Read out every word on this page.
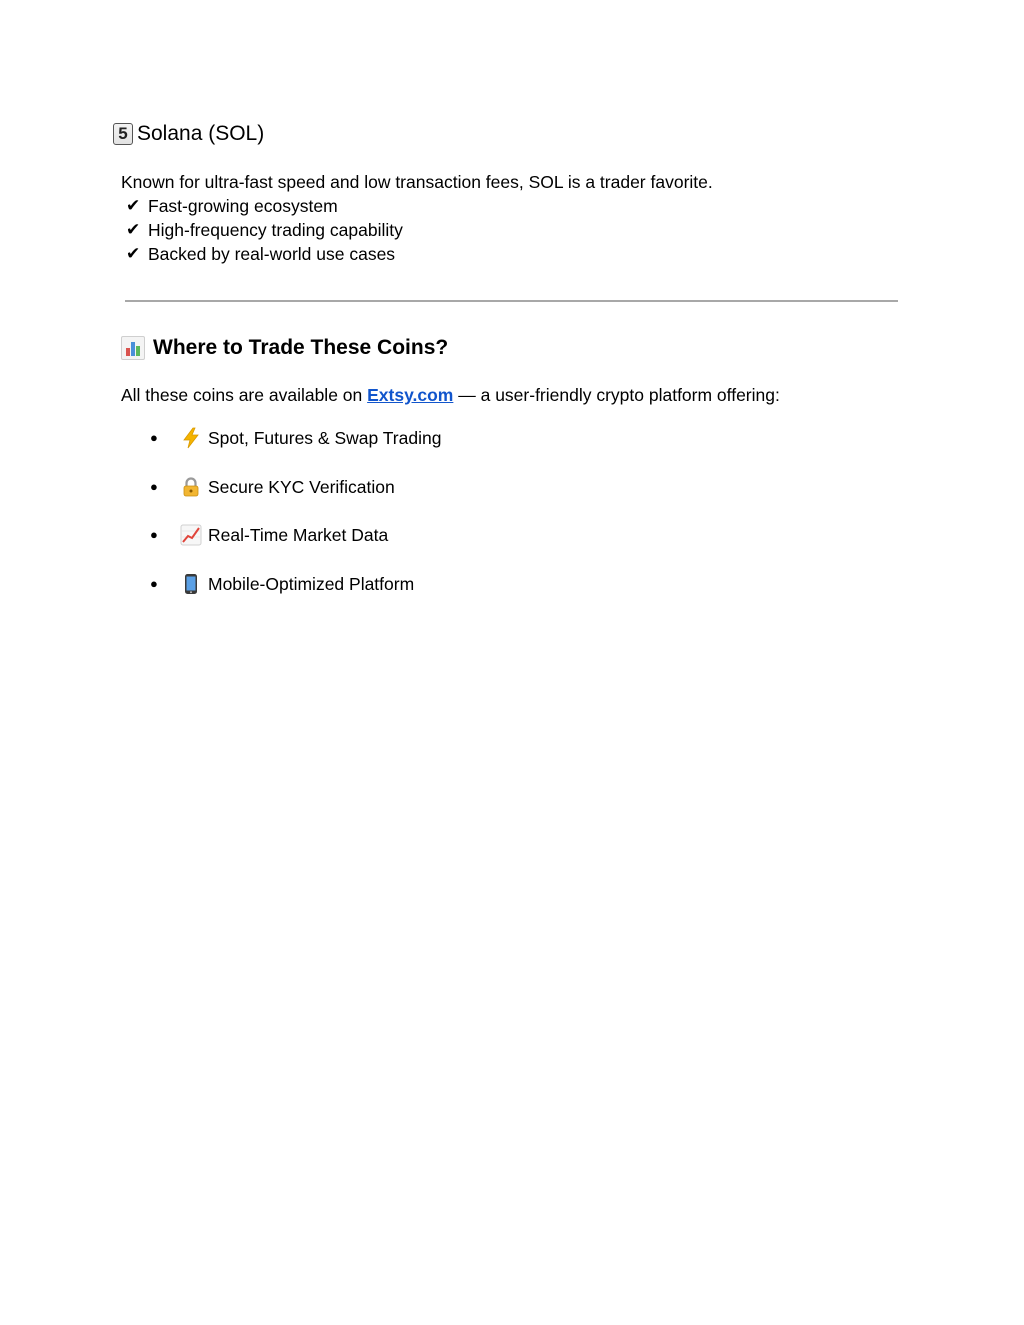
5 Solana (SOL)

Known for ultra-fast speed and low transaction fees, SOL is a trader favorite.

✔ Fast-growing ecosystem
✔ High-frequency trading capability
✔ Backed by real-world use cases
Where to Trade These Coins?

All these coins are available on Extsy.com — a user-friendly crypto platform offering:

●	Spot, Futures & Swap Trading
●	Secure KYC Verification
●	Real-Time Market Data
●	Mobile-Optimized Platform
